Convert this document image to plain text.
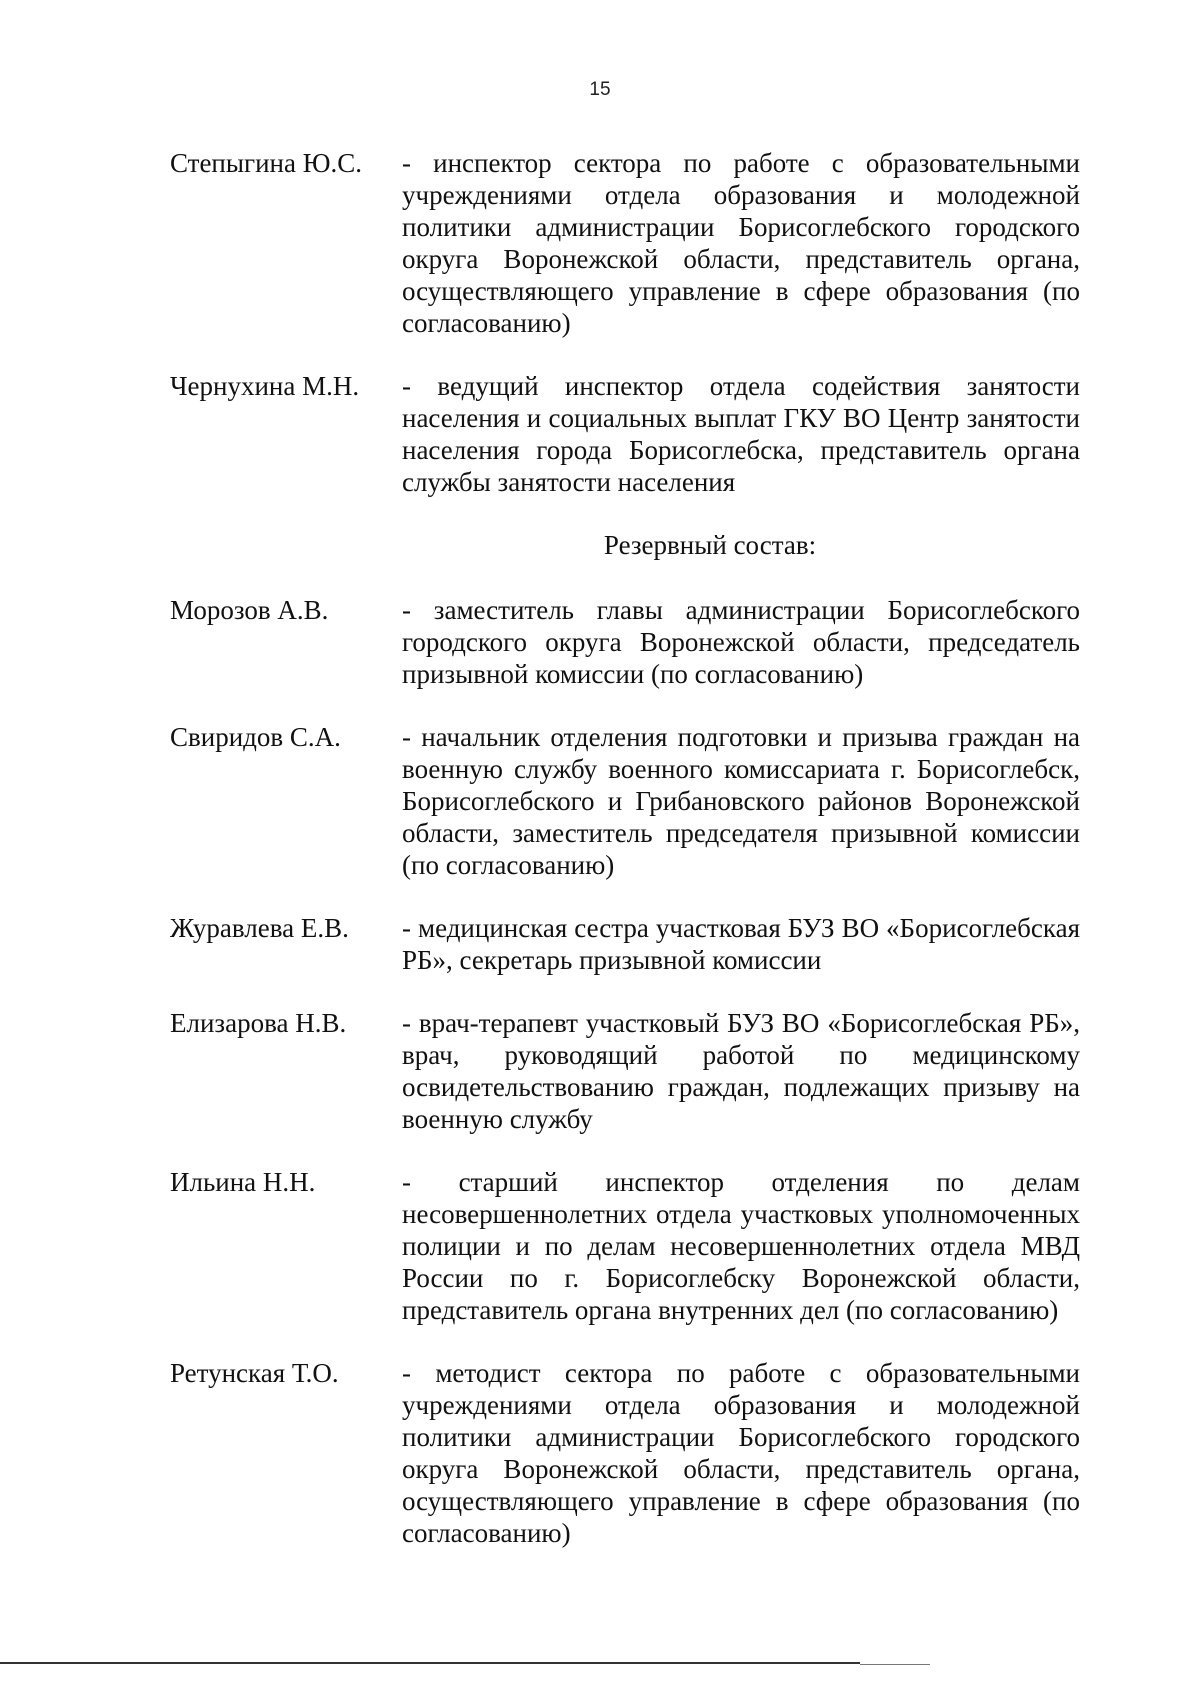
15
Степыгина Ю.С.	- инспектор сектора по работе с образовательными учреждениями отдела образования и молодежной политики администрации Борисоглебского городского округа Воронежской области, представитель органа, осуществляющего управление в сфере образования (по согласованию)
Чернухина М.Н.	- ведущий инспектор отдела содействия занятости населения и социальных выплат ГКУ ВО Центр занятости населения города Борисоглебска, представитель органа службы занятости населения
Резервный состав:
Морозов А.В.	- заместитель главы администрации Борисоглебского городского округа Воронежской области, председатель призывной комиссии (по согласованию)
Свиридов С.А.	- начальник отделения подготовки и призыва граждан на военную службу военного комиссариата г. Борисоглебск, Борисоглебского и Грибановского районов Воронежской области, заместитель председателя призывной комиссии (по согласованию)
Журавлева Е.В.	- медицинская сестра участковая БУЗ ВО «Борисоглебская РБ», секретарь призывной комиссии
Елизарова Н.В.	- врач-терапевт участковый БУЗ ВО «Борисоглебская РБ», врач, руководящий работой по медицинскому освидетельствованию граждан, подлежащих призыву на военную службу
Ильина Н.Н.	- старший инспектор отделения по делам несовершеннолетних отдела участковых уполномоченных полиции и по делам несовершеннолетних отдела МВД России по г. Борисоглебску Воронежской области, представитель органа внутренних дел (по согласованию)
Ретунская Т.О.	- методист сектора по работе с образовательными учреждениями отдела образования и молодежной политики администрации Борисоглебского городского округа Воронежской области, представитель органа, осуществляющего управление в сфере образования (по согласованию)
